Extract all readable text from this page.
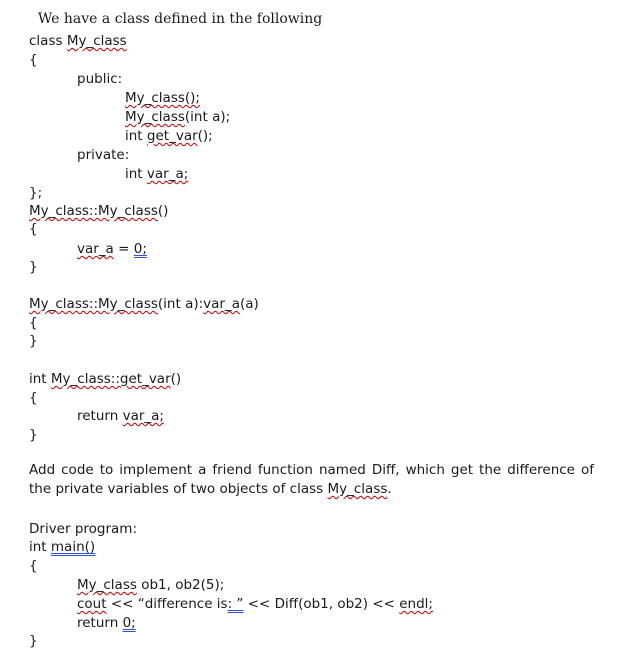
We have a class defined in the following

class My_class
{
public:
My_class();
My_class(int a);
int get_var();
private:
int var_a;
};
My_class::My_class()
{
var_a = 0;
}
My_class::My_class(int a):var_a(a)
{
}
int My_class::get_var()
{
return var_a;
}
Add code to implement a friend function named Diff, which get the difference of the private variables of two objects of class My_class.
Driver program:
int main()
{
My_class ob1, ob2(5);
cout << “difference is: ” << Diff(ob1, ob2) << endl;
return 0;
}
